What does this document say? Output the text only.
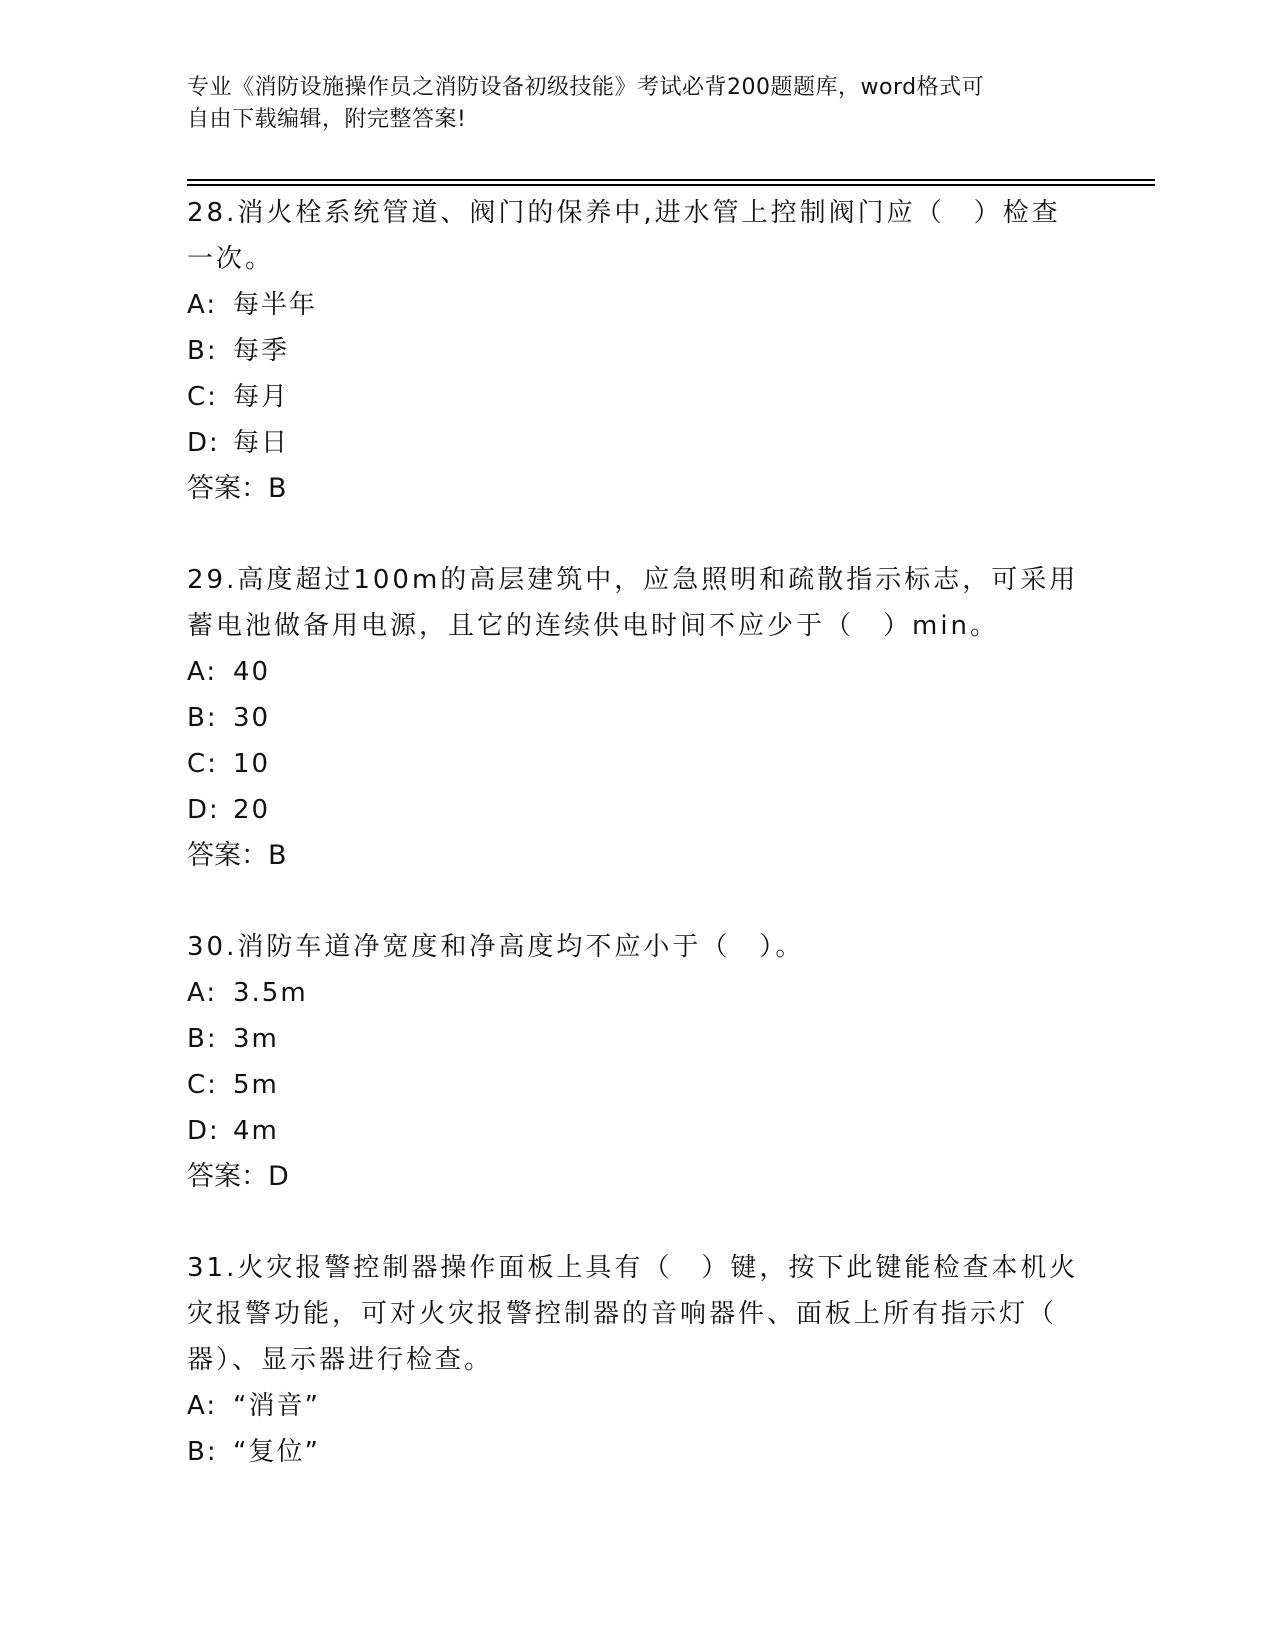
专业《消防设施操作员之消防设备初级技能》考试必背200题题库，word格式可
自由下载编辑，附完整答案!
28.消火栓系统管道、阀门的保养中,进水管上控制阀门应（　）检查
一次。
A: 每半年
B: 每季
C: 每月
D: 每日
答案：B
29.高度超过100m的高层建筑中，应急照明和疏散指示标志，可采用
蓄电池做备用电源，且它的连续供电时间不应少于（　）min。
A: 40
B: 30
C: 10
D: 20
答案：B
30.消防车道净宽度和净高度均不应小于（　）。
A: 3.5m
B: 3m
C: 5m
D: 4m
答案：D
31.火灾报警控制器操作面板上具有（　）键，按下此键能检查本机火
灾报警功能，可对火灾报警控制器的音响器件、面板上所有指示灯（
器）、显示器进行检查。
A: “消音”
B: “复位”
